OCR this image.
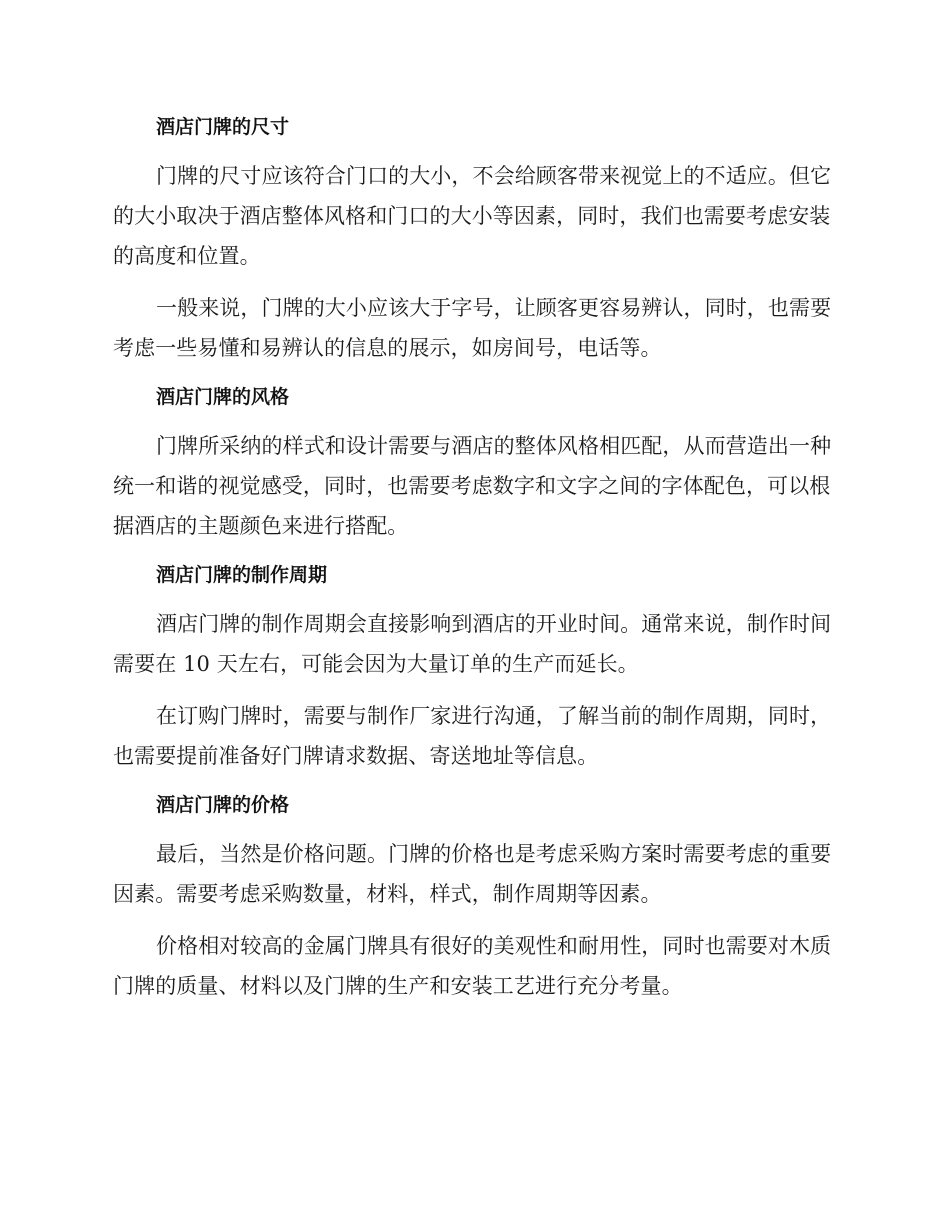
酒店门牌的尺寸

门牌的尺寸应该符合门口的大小，不会给顾客带来视觉上的不适应。但它的大小取决于酒店整体风格和门口的大小等因素，同时，我们也需要考虑安装的高度和位置。

一般来说，门牌的大小应该大于字号，让顾客更容易辨认，同时，也需要考虑一些易懂和易辨认的信息的展示，如房间号，电话等。

酒店门牌的风格

门牌所采纳的样式和设计需要与酒店的整体风格相匹配，从而营造出一种统一和谐的视觉感受，同时，也需要考虑数字和文字之间的字体配色，可以根据酒店的主题颜色来进行搭配。

酒店门牌的制作周期

酒店门牌的制作周期会直接影响到酒店的开业时间。通常来说，制作时间需要在 10 天左右，可能会因为大量订单的生产而延长。

在订购门牌时，需要与制作厂家进行沟通，了解当前的制作周期，同时，也需要提前准备好门牌请求数据、寄送地址等信息。

酒店门牌的价格

最后，当然是价格问题。门牌的价格也是考虑采购方案时需要考虑的重要因素。需要考虑采购数量，材料，样式，制作周期等因素。

价格相对较高的金属门牌具有很好的美观性和耐用性，同时也需要对木质门牌的质量、材料以及门牌的生产和安装工艺进行充分考量。
